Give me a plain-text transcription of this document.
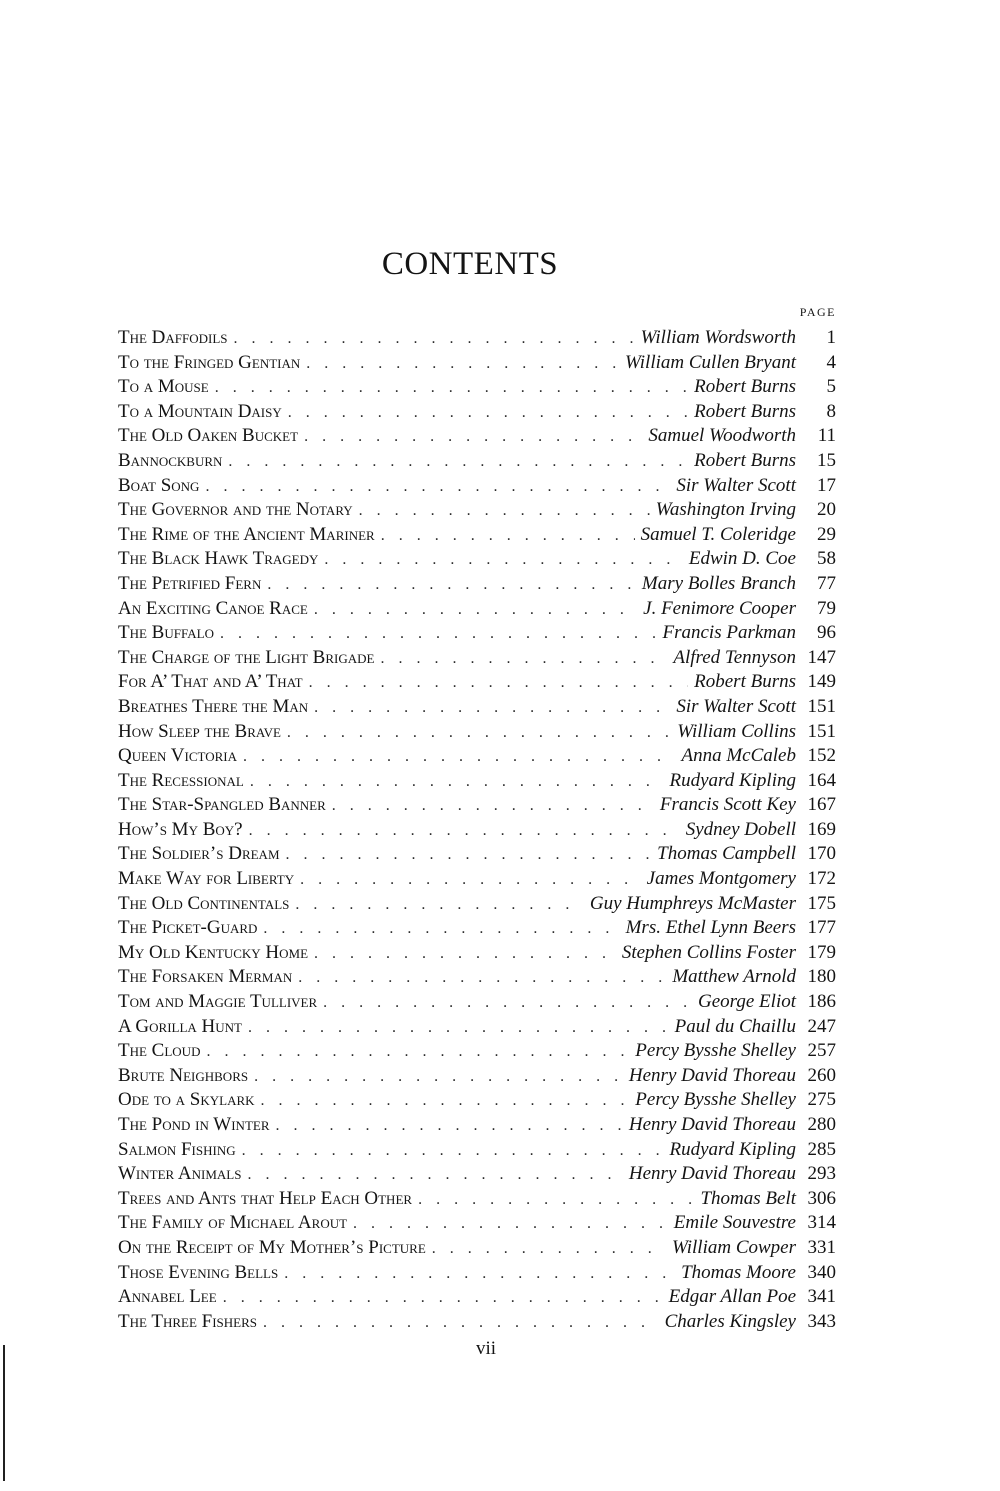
CONTENTS
PAGE
The Daffodils . . .	William Wordsworth	1
To the Fringed Gentian . . .	William Cullen Bryant	4
To a Mouse . . .	Robert Burns	5
To a Mountain Daisy . . .	Robert Burns	8
The Old Oaken Bucket . . .	Samuel Woodworth	11
Bannockburn . . .	Robert Burns	15
Boat Song . . .	Sir Walter Scott	17
The Governor and the Notary . . .	Washington Irving	20
The Rime of the Ancient Mariner . . .	Samuel T. Coleridge	29
The Black Hawk Tragedy . . .	Edwin D. Coe	58
The Petrified Fern . . .	Mary Bolles Branch	77
An Exciting Canoe Race . . .	J. Fenimore Cooper	79
The Buffalo . . .	Francis Parkman	96
The Charge of the Light Brigade . . .	Alfred Tennyson 147
For A’ That and A’ That . . .	Robert Burns 149
Breathes There the Man . . .	Sir Walter Scott 151
How Sleep the Brave . . .	William Collins 151
Queen Victoria . . .	Anna McCaleb 152
The Recessional . . .	Rudyard Kipling 164
The Star-Spangled Banner . . .	Francis Scott Key 167
How’s My Boy? . . .	Sydney Dobell 169
The Soldier’s Dream . . .	Thomas Campbell 170
Make Way for Liberty . . .	James Montgomery 172
The Old Continentals . . .	Guy Humphreys McMaster 175
The Picket-Guard . . .	Mrs. Ethel Lynn Beers 177
My Old Kentucky Home . . .	Stephen Collins Foster 179
The Forsaken Merman . . .	Matthew Arnold 180
Tom and Maggie Tulliver . . .	George Eliot 186
A Gorilla Hunt . . .	Paul du Chaillu 247
The Cloud . . .	Percy Bysshe Shelley 257
Brute Neighbors . . .	Henry David Thoreau 260
Ode to a Skylark . . .	Percy Bysshe Shelley 275
The Pond in Winter . . .	Henry David Thoreau 280
Salmon Fishing . . .	Rudyard Kipling 285
Winter Animals . . .	Henry David Thoreau 293
Trees and Ants that Help Each Other . . .	Thomas Belt 306
The Family of Michael Arout . . .	Emile Souvestre 314
On the Receipt of My Mother’s Picture . . .	William Cowper 331
Those Evening Bells . . .	Thomas Moore 340
Annabel Lee . . .	Edgar Allan Poe 341
The Three Fishers . . .	Charles Kingsley 343
vii
